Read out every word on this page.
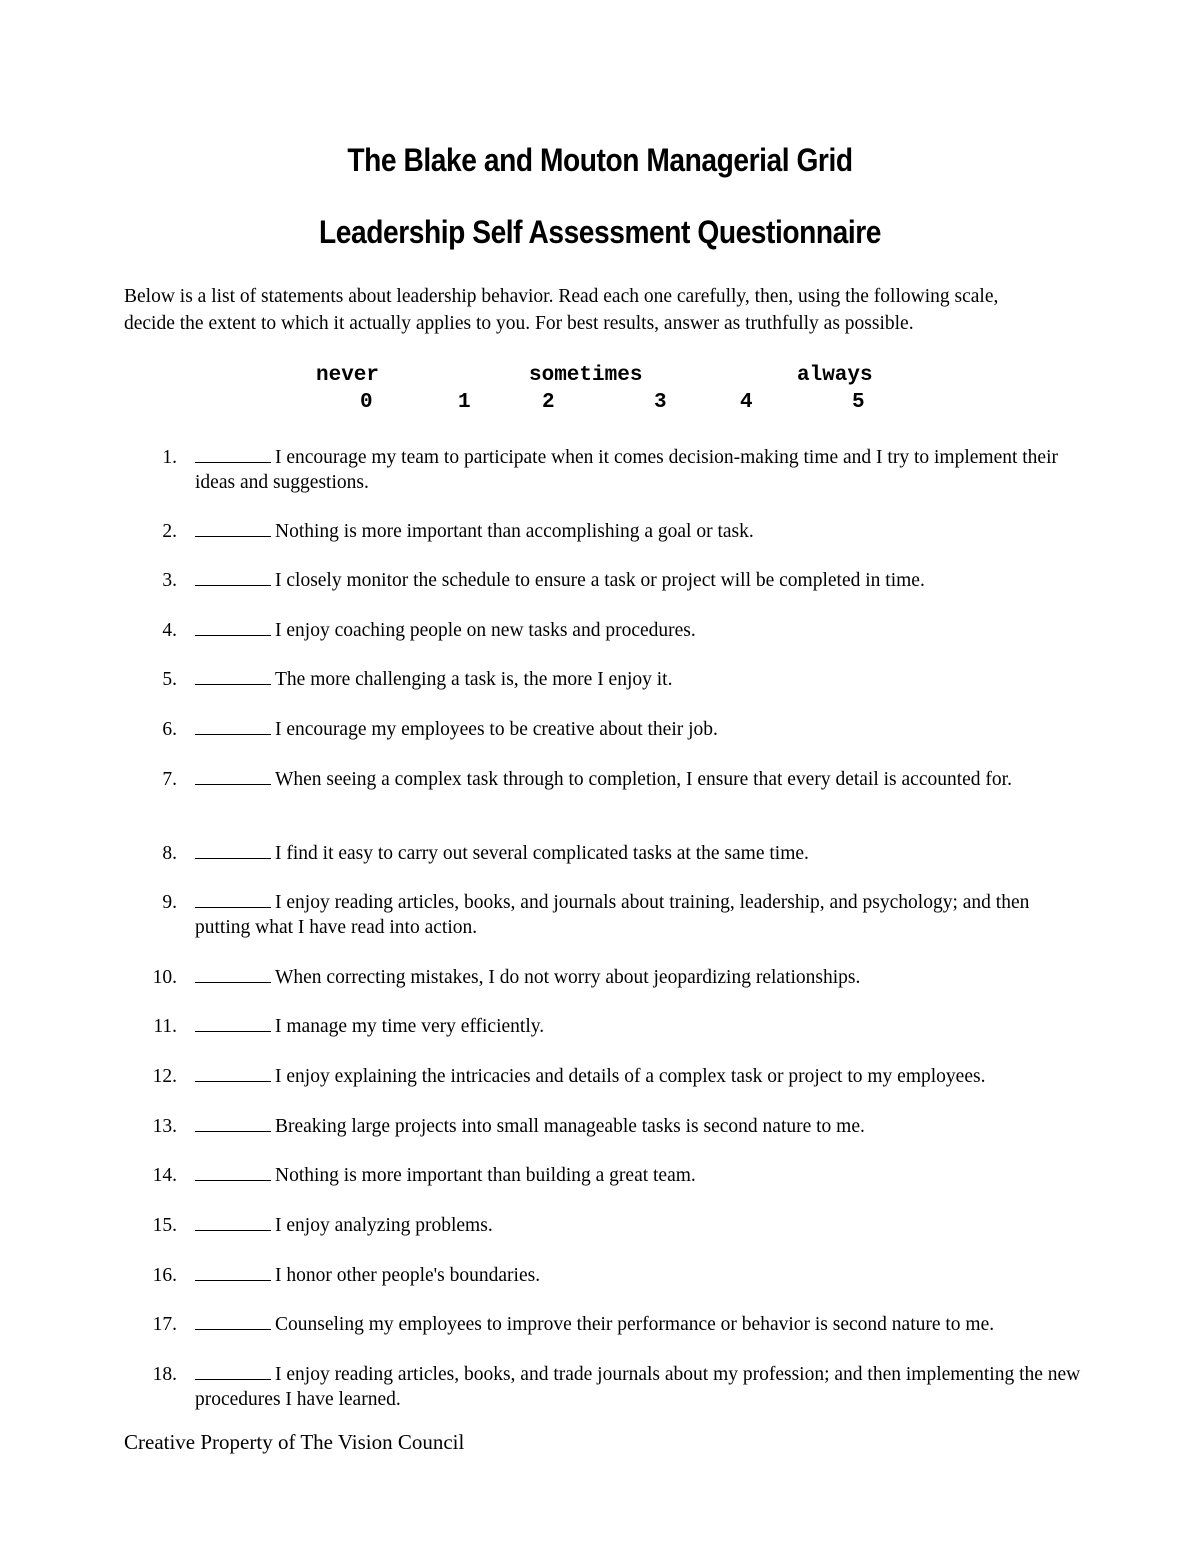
The Blake and Mouton Managerial Grid
Leadership Self Assessment Questionnaire
Below is a list of statements about leadership behavior. Read each one carefully, then, using the following scale, decide the extent to which it actually applies to you. For best results, answer as truthfully as possible.
never	sometimes	always
0	1	2	3	4	5
1.	I encourage my team to participate when it comes decision-making time and I try to implement their ideas and suggestions.
2.	Nothing is more important than accomplishing a goal or task.
3.	I closely monitor the schedule to ensure a task or project will be completed in time.
4.	I enjoy coaching people on new tasks and procedures.
5.	The more challenging a task is, the more I enjoy it.
6.	I encourage my employees to be creative about their job.
7.	When seeing a complex task through to completion, I ensure that every detail is accounted for.
8.	I find it easy to carry out several complicated tasks at the same time.
9.	I enjoy reading articles, books, and journals about training, leadership, and psychology; and then putting what I have read into action.
10.	When correcting mistakes, I do not worry about jeopardizing relationships.
11.	I manage my time very efficiently.
12.	I enjoy explaining the intricacies and details of a complex task or project to my employees.
13.	Breaking large projects into small manageable tasks is second nature to me.
14.	Nothing is more important than building a great team.
15.	I enjoy analyzing problems.
16.	I honor other people's boundaries.
17.	Counseling my employees to improve their performance or behavior is second nature to me.
18.	I enjoy reading articles, books, and trade journals about my profession; and then implementing the new procedures I have learned.
Creative Property of The Vision Council
